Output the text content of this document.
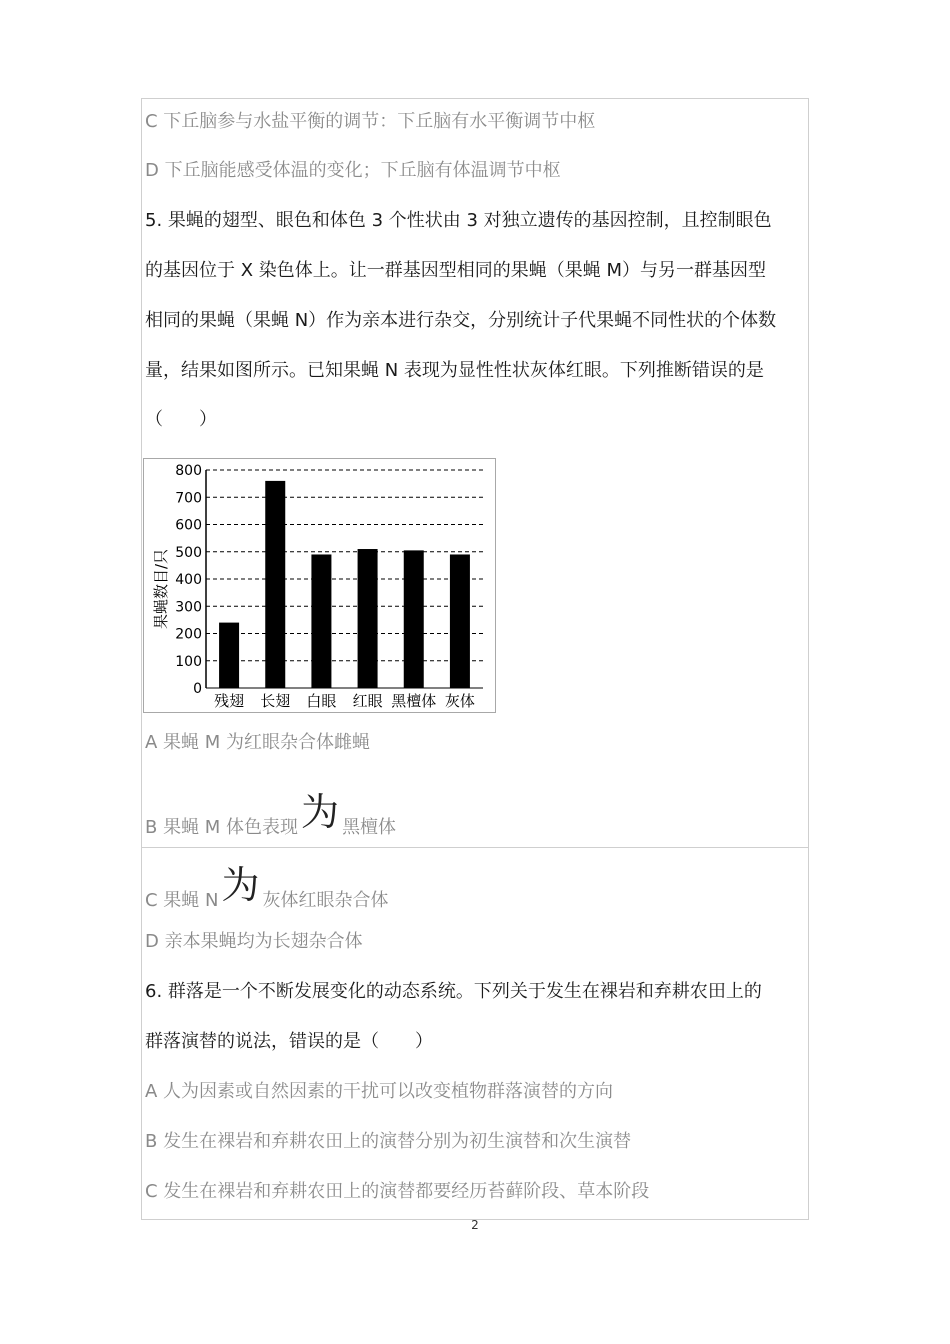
C 下丘脑参与水盐平衡的调节：下丘脑有水平衡调节中枢
D 下丘脑能感受体温的变化；下丘脑有体温调节中枢
5. 果蝇的翅型、眼色和体色 3 个性状由 3 对独立遗传的基因控制，且控制眼色
的基因位于 X 染色体上。让一群基因型相同的果蝇（果蝇 M）与另一群基因型
相同的果蝇（果蝇 N）作为亲本进行杂交，分别统计子代果蝇不同性状的个体数
量，结果如图所示。已知果蝇 N 表现为显性性状灰体红眼。下列推断错误的是
（　　）
果蝇数目/只
0
100
200
300
400
500
600
700
800
残翅 长翅 白眼 红眼 黑檀体 灰体
A 果蝇 M 为红眼杂合体雌蝇
B 果蝇 M 体色表现为 黑檀体
C 果蝇 N为 灰体红眼杂合体
D 亲本果蝇均为长翅杂合体
6. 群落是一个不断发展变化的动态系统。下列关于发生在裸岩和弃耕农田上的
群落演替的说法，错误的是（　　）
A 人为因素或自然因素的干扰可以改变植物群落演替的方向
B 发生在裸岩和弃耕农田上的演替分别为初生演替和次生演替
C 发生在裸岩和弃耕农田上的演替都要经历苔藓阶段、草本阶段
2
